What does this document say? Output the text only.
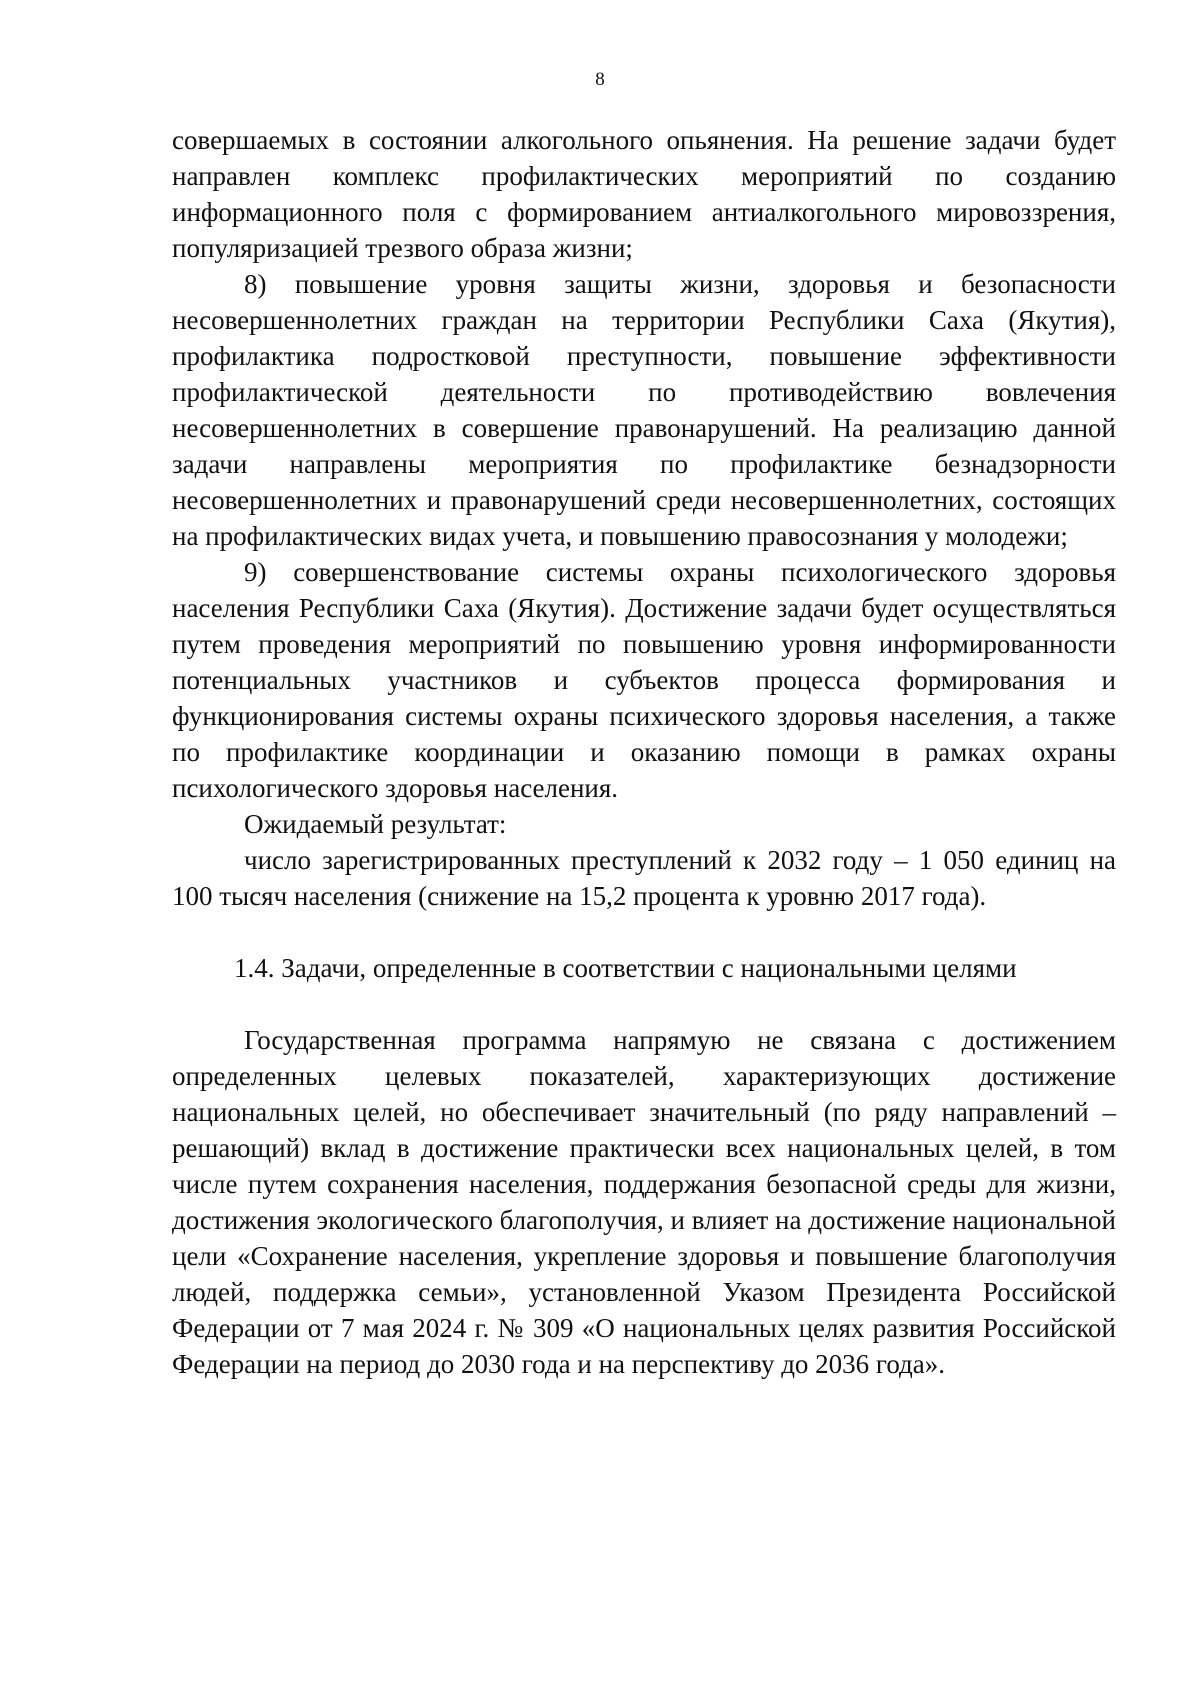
8

совершаемых в состоянии алкогольного опьянения. На решение задачи будет направлен комплекс профилактических мероприятий по созданию информационного поля с формированием антиалкогольного мировоззрения, популяризацией трезвого образа жизни;

8) повышение уровня защиты жизни, здоровья и безопасности несовершеннолетних граждан на территории Республики Саха (Якутия), профилактика подростковой преступности, повышение эффективности профилактической деятельности по противодействию вовлечения несовершеннолетних в совершение правонарушений. На реализацию данной задачи направлены мероприятия по профилактике безнадзорности несовершеннолетних и правонарушений среди несовершеннолетних, состоящих на профилактических видах учета, и повышению правосознания у молодежи;

9) совершенствование системы охраны психологического здоровья населения Республики Саха (Якутия). Достижение задачи будет осуществляться путем проведения мероприятий по повышению уровня информированности потенциальных участников и субъектов процесса формирования и функционирования системы охраны психического здоровья населения, а также по профилактике координации и оказанию помощи в рамках охраны психологического здоровья населения.

Ожидаемый результат:

число зарегистрированных преступлений к 2032 году – 1 050 единиц на 100 тысяч населения (снижение на 15,2 процента к уровню 2017 года).

1.4. Задачи, определенные в соответствии с национальными целями

Государственная программа напрямую не связана с достижением определенных целевых показателей, характеризующих достижение национальных целей, но обеспечивает значительный (по ряду направлений – решающий) вклад в достижение практически всех национальных целей, в том числе путем сохранения населения, поддержания безопасной среды для жизни, достижения экологического благополучия, и влияет на достижение национальной цели «Сохранение населения, укрепление здоровья и повышение благополучия людей, поддержка семьи», установленной Указом Президента Российской Федерации от 7 мая 2024 г. № 309 «О национальных целях развития Российской Федерации на период до 2030 года и на перспективу до 2036 года».
